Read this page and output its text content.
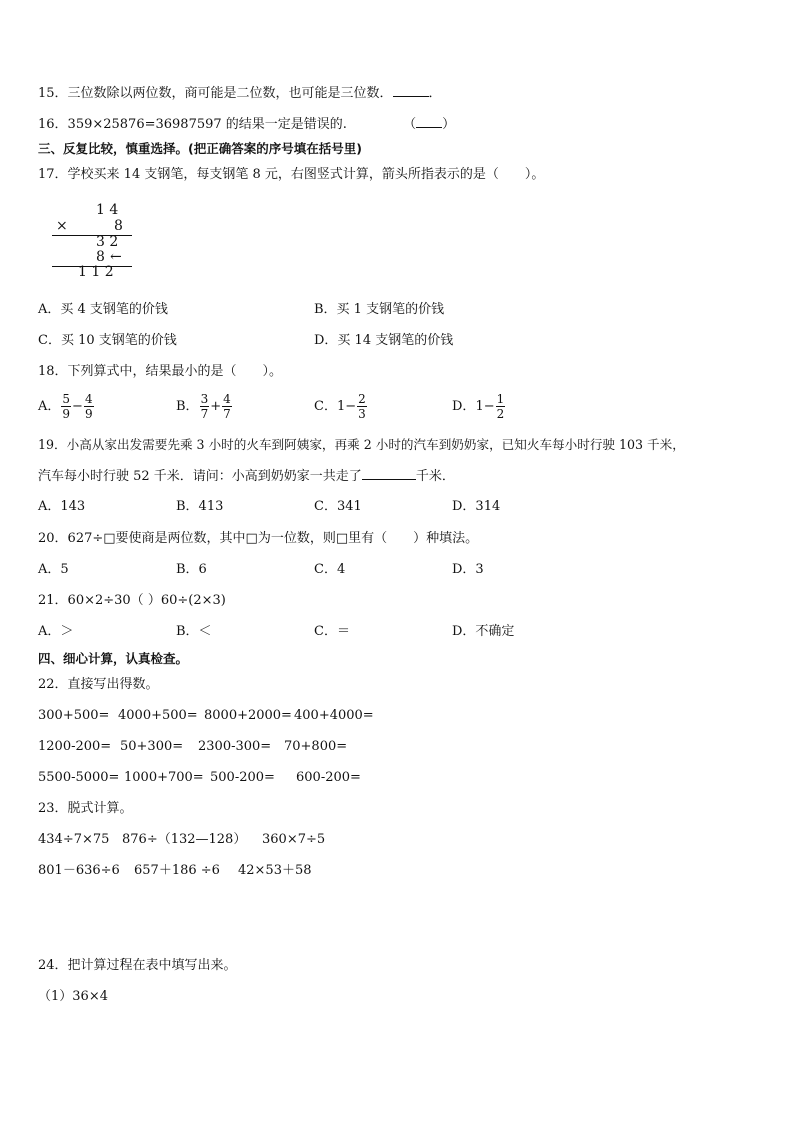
15．三位数除以两位数，商可能是二位数，也可能是三位数．	．
16．359×25876=36987597 的结果一定是错误的.	（ ）
三、反复比较，慎重选择。(把正确答案的序号填在括号里)
17．学校买来 14 支钢笔，每支钢笔 8 元，右图竖式计算，箭头所指表示的是（　　）。
1 4
×	8
3 2
8 ←
1 1 2
A．买 4 支钢笔的价钱	B．买 1 支钢笔的价钱
C．买 10 支钢笔的价钱	D．买 14 支钢笔的价钱
18．下列算式中，结果最小的是（　　）。
A． $\frac{5}{9} - \frac{4}{9}$	B． $\frac{3}{7} + \frac{4}{7}$	C．$1- \frac{2}{3}$	D．$1- \frac{1}{2}$
19．小高从家出发需要先乘 3 小时的火车到阿姨家，再乘 2 小时的汽车到奶奶家，已知火车每小时行驶 103 千米，
汽车每小时行驶 52 千米．请问：小高到奶奶家一共走了	千米．
A．143	B．413	C．341	D．314
20．627÷□要使商是两位数，其中□为一位数，则□里有（　　）种填法。
A．5	B．6	C．4	D．3
21．60×2÷30（ ）60÷(2×3)
A．＞	B．＜	C．＝	D．不确定
四、细心计算，认真检查。
22．直接写出得数。
300+500= 4000+500= 8000+2000= 400+4000=
1200-200= 50+300= 2300-300= 70+800=
5500-5000= 1000+700= 500-200= 600-200=
23．脱式计算。
434÷7×75 876÷（132—128） 360×7÷5
801－636÷6 657＋186 ÷6 42×53＋58
24．把计算过程在表中填写出来。
（1）36×4
